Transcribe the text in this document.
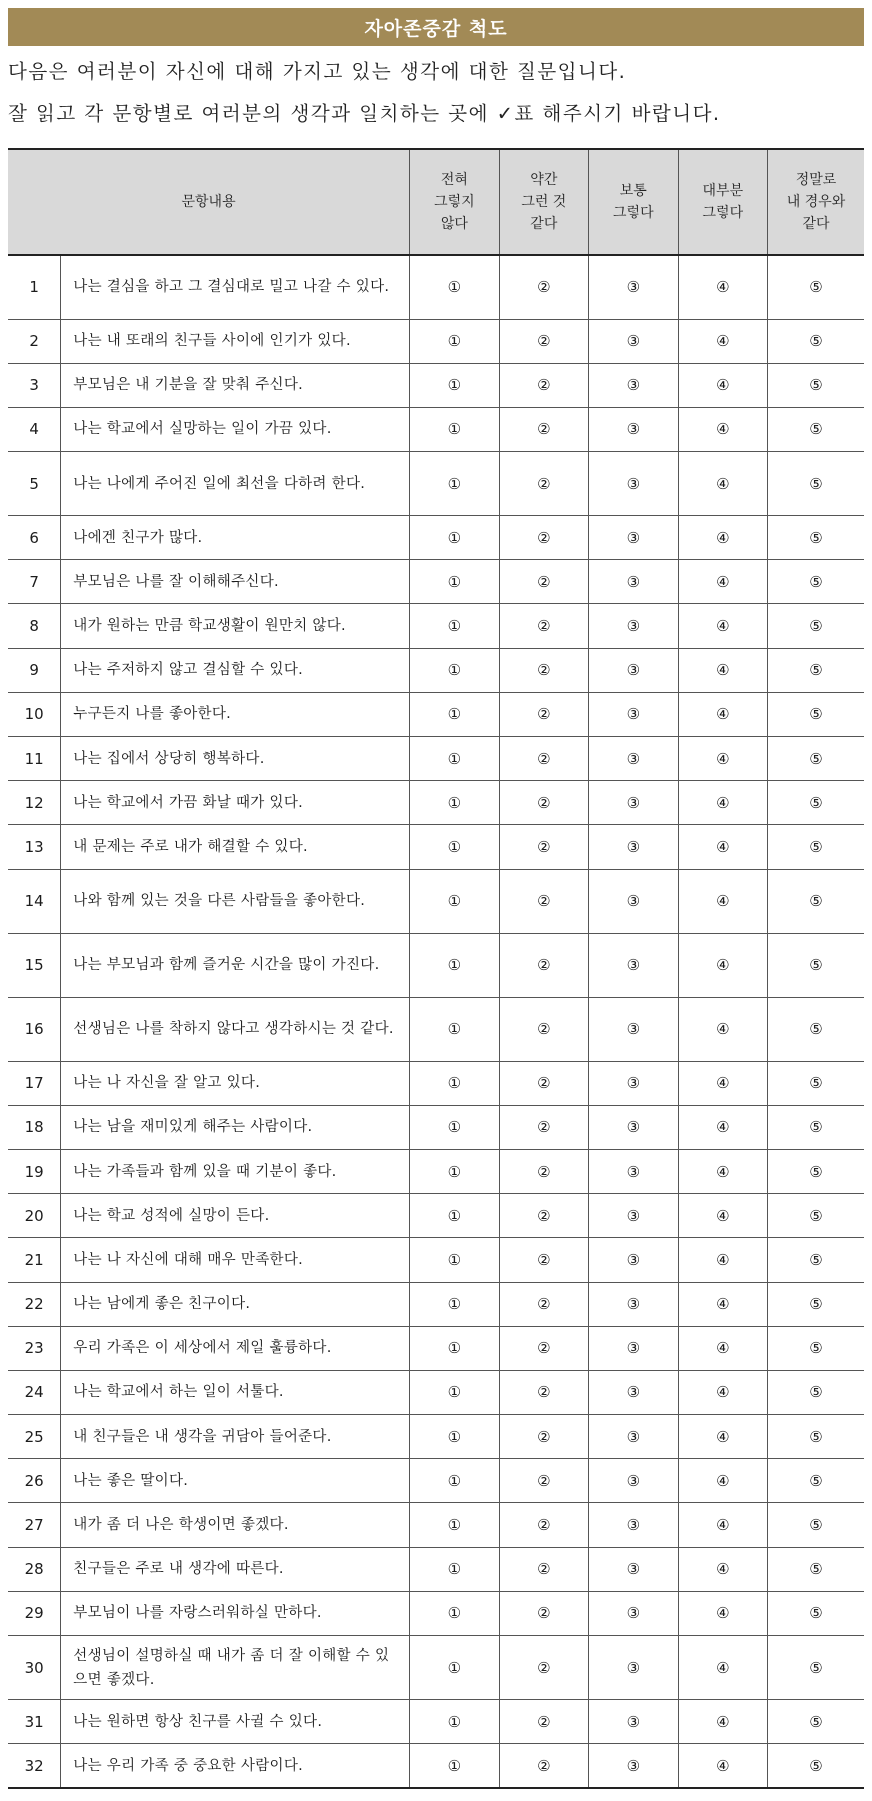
자아존중감 척도
다음은 여러분이 자신에 대해 가지고 있는 생각에 대한 질문입니다.
잘 읽고 각 문항별로 여러분의 생각과 일치하는 곳에 ✓표 해주시기 바랍니다.
문항내용		전혀
그렇지
않다	약간
그런 것
같다	보통
그렇다	대부분
그렇다	정말로
내 경우와
같다

1	나는 결심을 하고 그 결심대로 밀고 나갈 수 있다.	①	②	③	④	⑤
2	나는 내 또래의 친구들 사이에 인기가 있다.	①	②	③	④	⑤
3	부모님은 내 기분을 잘 맞춰 주신다.	①	②	③	④	⑤
4	나는 학교에서 실망하는 일이 가끔 있다.	①	②	③	④	⑤
5	나는 나에게 주어진 일에 최선을 다하려 한다.	①	②	③	④	⑤
6	나에겐 친구가 많다.	①	②	③	④	⑤
7	부모님은 나를 잘 이해해주신다.	①	②	③	④	⑤
8	내가 원하는 만큼 학교생활이 원만치 않다.	①	②	③	④	⑤
9	나는 주저하지 않고 결심할 수 있다.	①	②	③	④	⑤
10	누구든지 나를 좋아한다.	①	②	③	④	⑤
11	나는 집에서 상당히 행복하다.	①	②	③	④	⑤
12	나는 학교에서 가끔 화날 때가 있다.	①	②	③	④	⑤
13	내 문제는 주로 내가 해결할 수 있다.	①	②	③	④	⑤
14	나와 함께 있는 것을 다른 사람들을 좋아한다.	①	②	③	④	⑤
15	나는 부모님과 함께 즐거운 시간을 많이 가진다.	①	②	③	④	⑤
16	선생님은 나를 착하지 않다고 생각하시는 것 같다.	①	②	③	④	⑤
17	나는 나 자신을 잘 알고 있다.	①	②	③	④	⑤
18	나는 남을 재미있게 해주는 사람이다.	①	②	③	④	⑤
19	나는 가족들과 함께 있을 때 기분이 좋다.	①	②	③	④	⑤
20	나는 학교 성적에 실망이 든다.	①	②	③	④	⑤
21	나는 나 자신에 대해 매우 만족한다.	①	②	③	④	⑤
22	나는 남에게 좋은 친구이다.	①	②	③	④	⑤
23	우리 가족은 이 세상에서 제일 훌륭하다.	①	②	③	④	⑤
24	나는 학교에서 하는 일이 서툴다.	①	②	③	④	⑤
25	내 친구들은 내 생각을 귀담아 들어준다.	①	②	③	④	⑤
26	나는 좋은 딸이다.	①	②	③	④	⑤
27	내가 좀 더 나은 학생이면 좋겠다.	①	②	③	④	⑤
28	친구들은 주로 내 생각에 따른다.	①	②	③	④	⑤
29	부모님이 나를 자랑스러워하실 만하다.	①	②	③	④	⑤
30	선생님이 설명하실 때 내가 좀 더 잘 이해할 수 있으면 좋겠다.	①	②	③	④	⑤
31	나는 원하면 항상 친구를 사귈 수 있다.	①	②	③	④	⑤
32	나는 우리 가족 중 중요한 사람이다.	①	②	③	④	⑤
